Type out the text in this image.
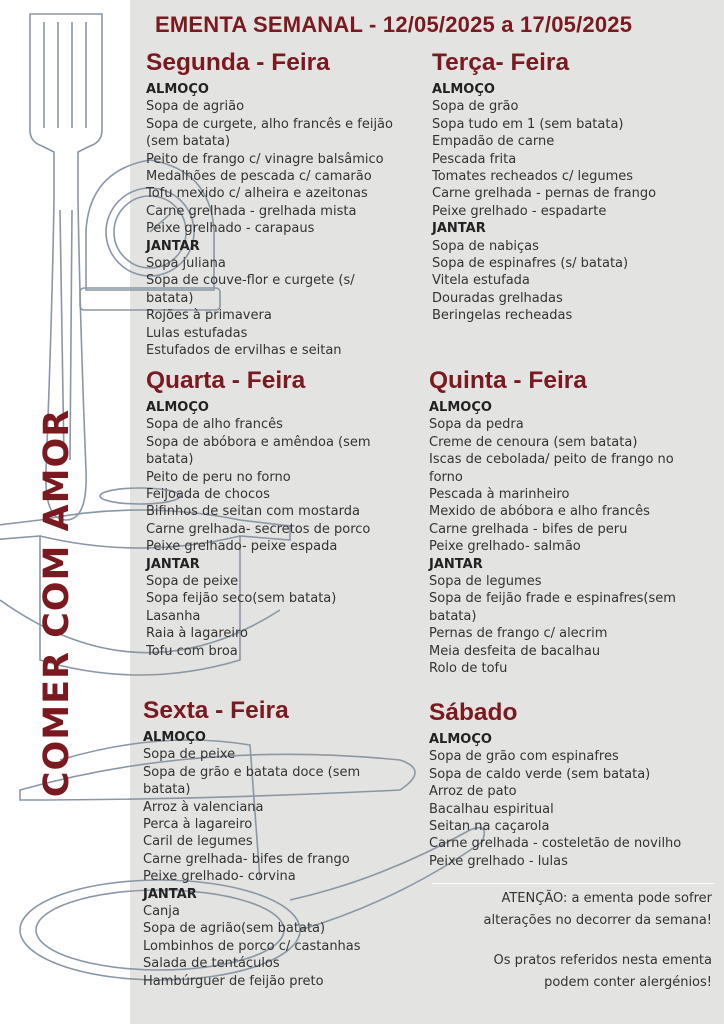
EMENTA SEMANAL - 12/05/2025 a 17/05/2025
COMER COM AMOR
Segunda - Feira
ALMOÇO
Sopa de agrião
Sopa de curgete, alho francês e feijão
(sem batata)
Peito de frango c/ vinagre balsâmico
Medalhões de pescada c/ camarão
Tofu mexido c/ alheira e azeitonas
Carne grelhada - grelhada mista
Peixe grelhado - carapaus
JANTAR
Sopa juliana
Sopa de couve-flor e curgete (s/
batata)
Rojões à primavera
Lulas estufadas
Estufados de ervilhas e seitan
Terça- Feira
ALMOÇO
Sopa de grão
Sopa tudo em 1 (sem batata)
Empadão de carne
Pescada frita
Tomates recheados c/ legumes
Carne grelhada - pernas de frango
Peixe grelhado - espadarte
JANTAR
Sopa de nabiças
Sopa de espinafres (s/ batata)
Vitela estufada
Douradas grelhadas
Beringelas recheadas
Quarta - Feira
ALMOÇO
Sopa de alho francês
Sopa de abóbora e amêndoa (sem
batata)
Peito de peru no forno
Feijoada de chocos
Bifinhos de seitan com mostarda
Carne grelhada- secretos de porco
Peixe grelhado- peixe espada
JANTAR
Sopa de peixe
Sopa feijão seco(sem batata)
Lasanha
Raia à lagareiro
Tofu com broa
Quinta - Feira
ALMOÇO
Sopa da pedra
Creme de cenoura (sem batata)
Iscas de cebolada/ peito de frango no
forno
Pescada à marinheiro
Mexido de abóbora e alho francês
Carne grelhada - bifes de peru
Peixe grelhado- salmão
JANTAR
Sopa de legumes
Sopa de feijão frade e espinafres(sem
batata)
Pernas de frango c/ alecrim
Meia desfeita de bacalhau
Rolo de tofu
Sexta - Feira
ALMOÇO
Sopa de peixe
Sopa de grão e batata doce (sem
batata)
Arroz à valenciana
Perca à lagareiro
Caril de legumes
Carne grelhada- bifes de frango
Peixe grelhado- corvina
JANTAR
Canja
Sopa de agrião(sem batata)
Lombinhos de porco c/ castanhas
Salada de tentáculos
Hambúrguer de feijão preto
Sábado
ALMOÇO
Sopa de grão com espinafres
Sopa de caldo verde (sem batata)
Arroz de pato
Bacalhau espiritual
Seitan na caçarola
Carne grelhada - costeletão de novilho
Peixe grelhado - lulas
ATENÇÃO: a ementa pode sofrer
alterações no decorrer da semana!
Os pratos referidos nesta ementa
podem conter alergénios!
